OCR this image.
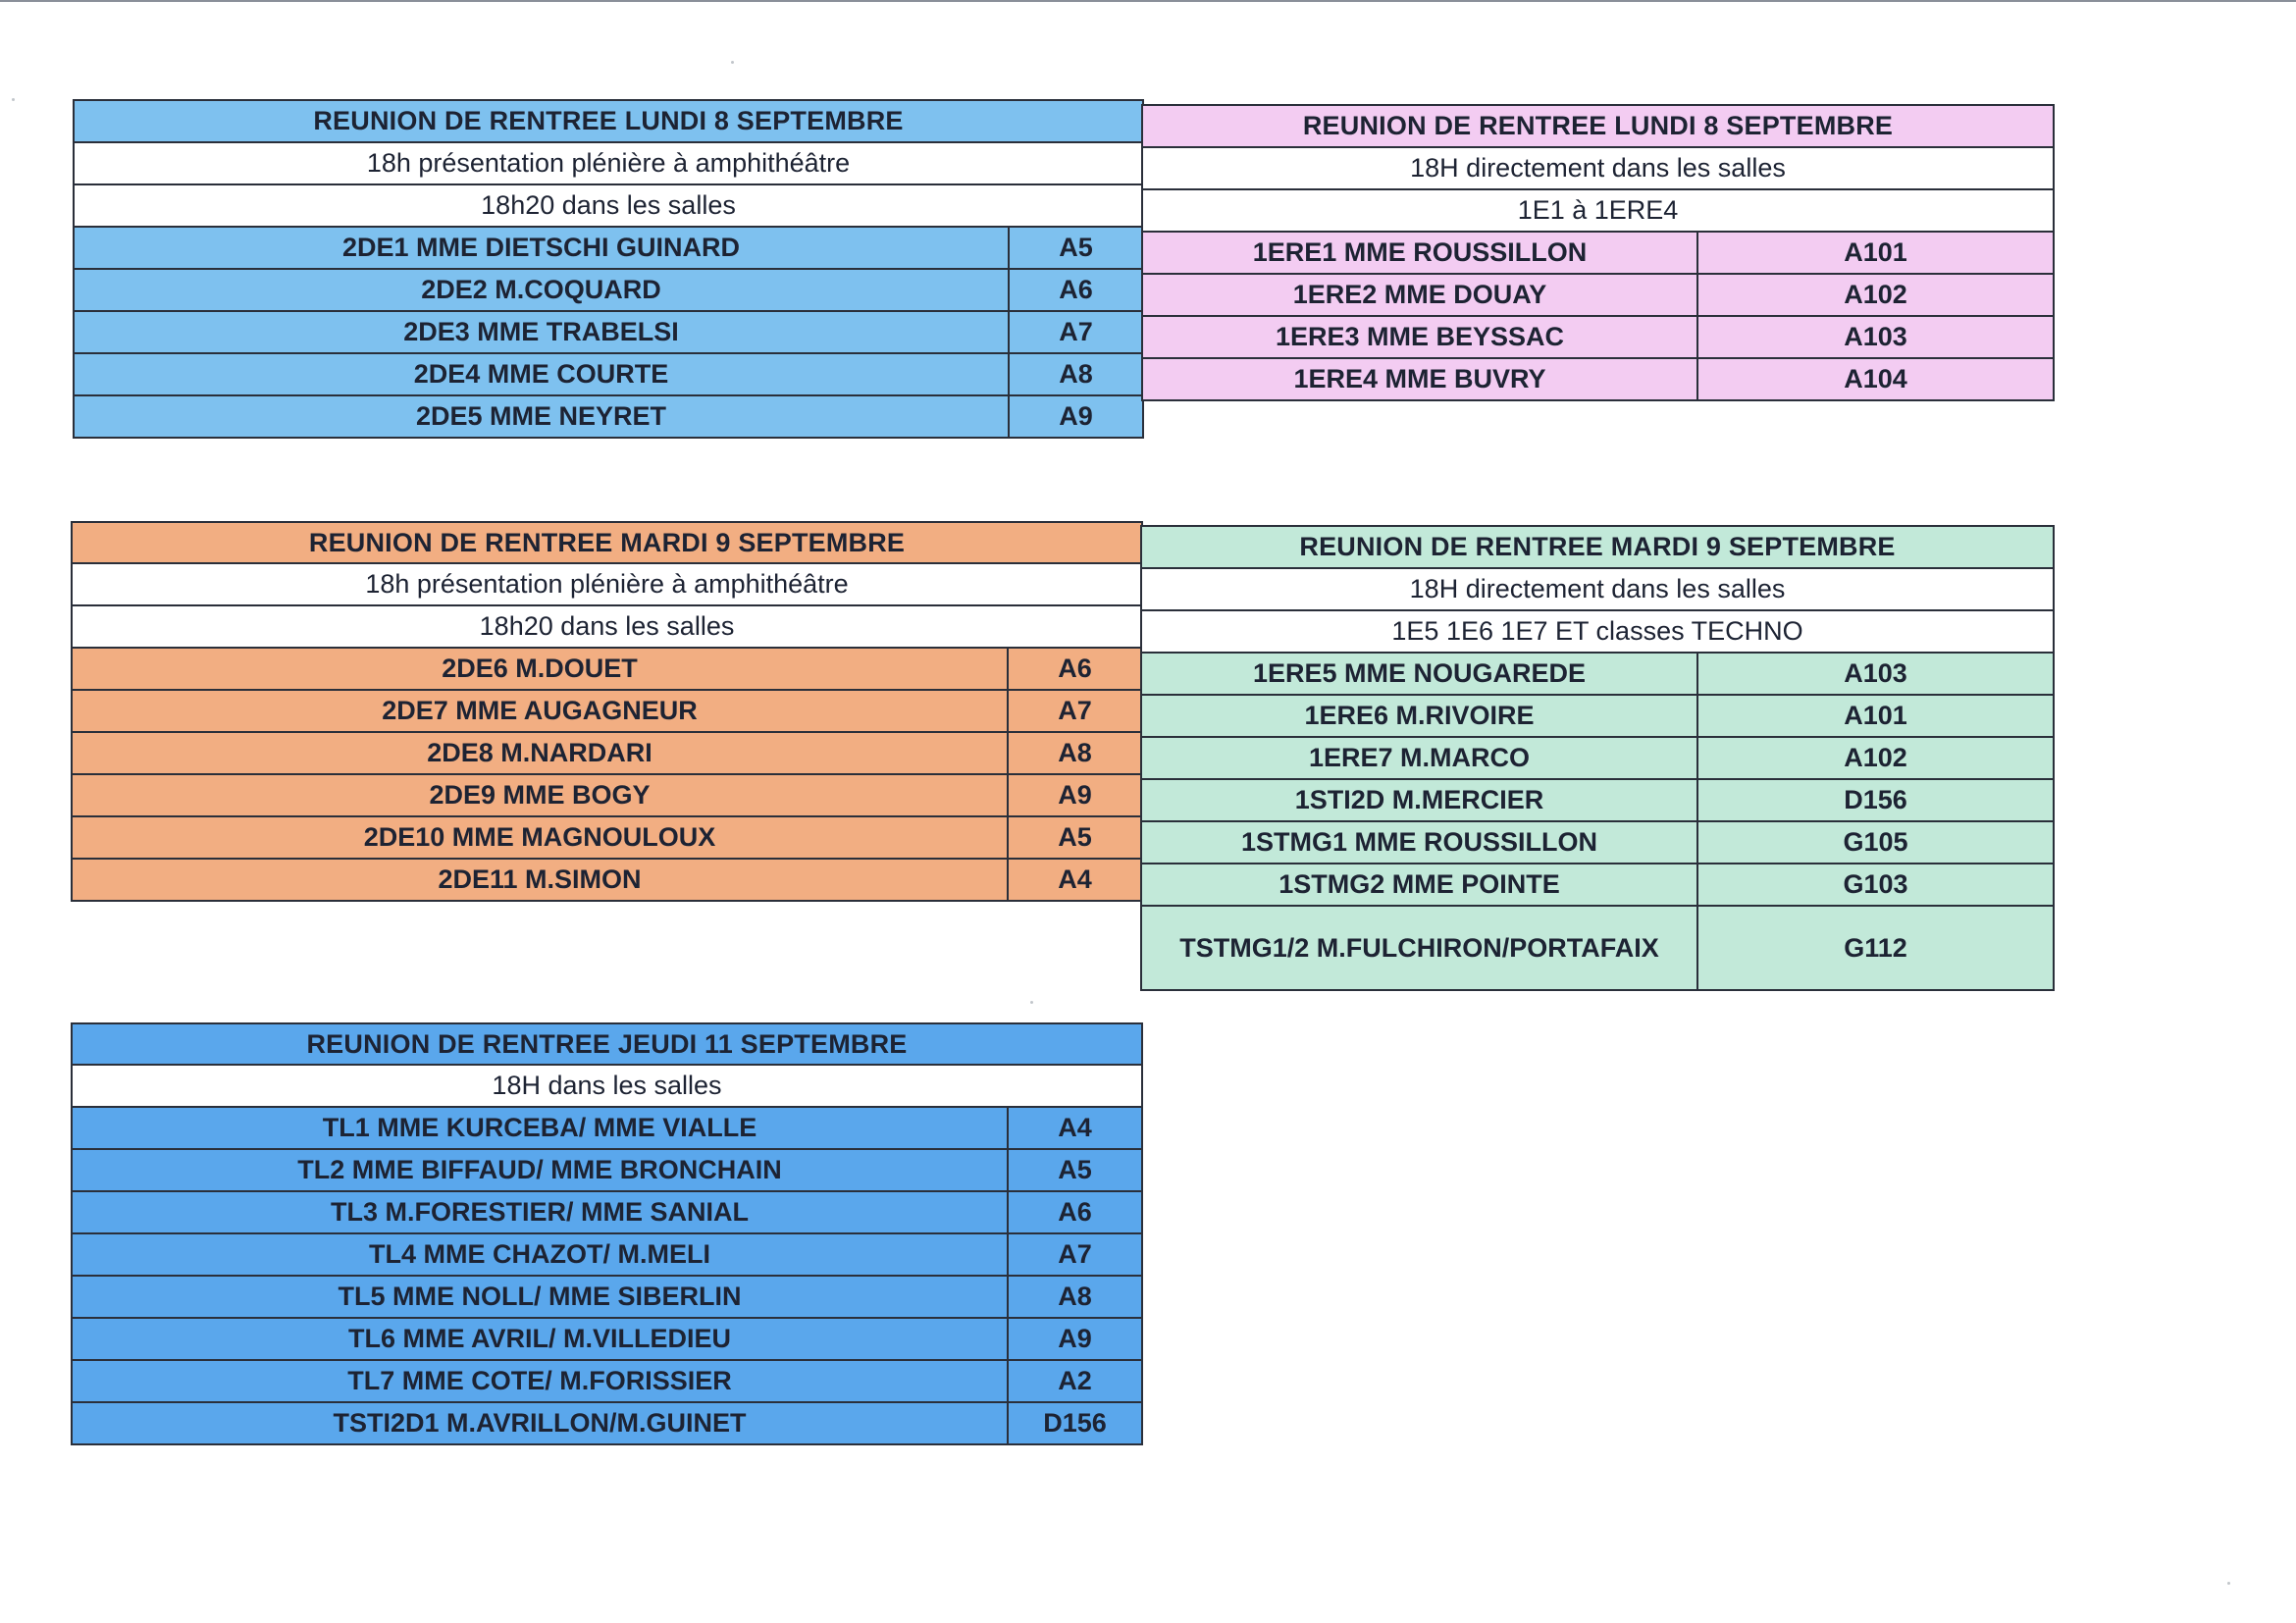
REUNION DE RENTREE LUNDI 8 SEPTEMBRE	
18h présentation plénière à amphithéâtre	
18h20 dans les salles	
2DE1 MME DIETSCHI GUINARD	A5
2DE2 M.COQUARD	A6
2DE3 MME TRABELSI	A7
2DE4 MME COURTE	A8
2DE5 MME NEYRET	A9
REUNION DE RENTREE LUNDI 8 SEPTEMBRE	
18H directement dans les salles	
1E1 à 1ERE4	
1ERE1 MME ROUSSILLON	A101
1ERE2 MME DOUAY	A102
1ERE3 MME BEYSSAC	A103
1ERE4 MME BUVRY	A104
REUNION DE RENTREE MARDI 9 SEPTEMBRE	
18h présentation plénière à amphithéâtre	
18h20 dans les salles	
2DE6 M.DOUET	A6
2DE7 MME AUGAGNEUR	A7
2DE8 M.NARDARI	A8
2DE9 MME BOGY	A9
2DE10 MME MAGNOULOUX	A5
2DE11 M.SIMON	A4
REUNION DE RENTREE MARDI 9 SEPTEMBRE	
18H directement dans les salles	
1E5 1E6 1E7 ET classes TECHNO	
1ERE5 MME NOUGAREDE	A103
1ERE6 M.RIVOIRE	A101
1ERE7 M.MARCO	A102
1STI2D M.MERCIER	D156
1STMG1 MME ROUSSILLON	G105
1STMG2 MME POINTE	G103
TSTMG1/2 M.FULCHIRON/PORTAFAIX	G112
REUNION DE RENTREE JEUDI 11 SEPTEMBRE	
18H dans les salles	
TL1 MME KURCEBA/ MME VIALLE	A4
TL2 MME BIFFAUD/ MME BRONCHAIN	A5
TL3 M.FORESTIER/ MME SANIAL	A6
TL4 MME CHAZOT/ M.MELI	A7
TL5 MME NOLL/ MME SIBERLIN	A8
TL6 MME AVRIL/ M.VILLEDIEU	A9
TL7 MME COTE/ M.FORISSIER	A2
TSTI2D1 M.AVRILLON/M.GUINET	D156
